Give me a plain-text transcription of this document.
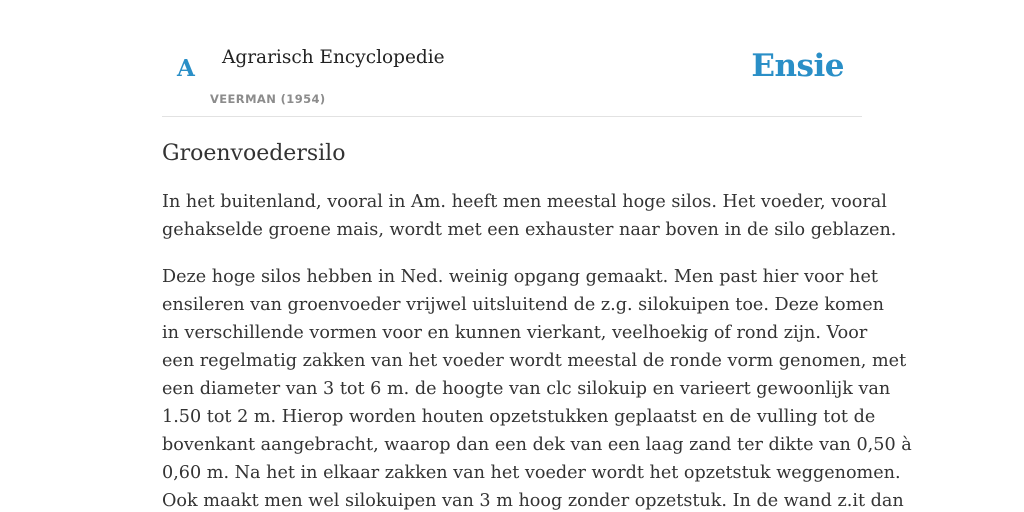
A Agrarisch Encyclopedie
VEERMAN (1954)
Ensie
Groenvoedersilo

In het buitenland, vooral in Am. heeft men meestal hoge silos. Het voeder, vooral
gehakselde groene mais, wordt met een exhauster naar boven in de silo geblazen.

Deze hoge silos hebben in Ned. weinig opgang gemaakt. Men past hier voor het
ensileren van groenvoeder vrijwel uitsluitend de z.g. silokuipen toe. Deze komen
in verschillende vormen voor en kunnen vierkant, veelhoekig of rond zijn. Voor
een regelmatig zakken van het voeder wordt meestal de ronde vorm genomen, met
een diameter van 3 tot 6 m. de hoogte van clc silokuip en varieert gewoonlijk van
1.50 tot 2 m. Hierop worden houten opzetstukken geplaatst en de vulling tot de
bovenkant aangebracht, waarop dan een dek van een laag zand ter dikte van 0,50 à
0,60 m. Na het in elkaar zakken van het voeder wordt het opzetstuk weggenomen.
Ook maakt men wel silokuipen van 3 m hoog zonder opzetstuk. In de wand z.it dan
